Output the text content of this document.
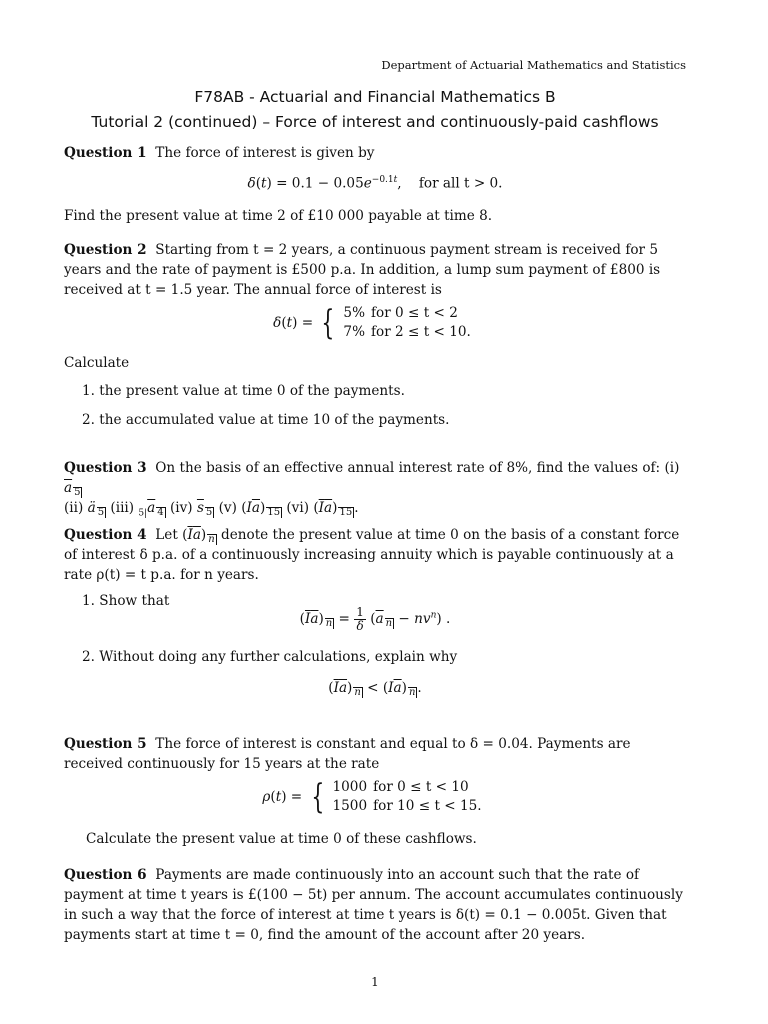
Department of Actuarial Mathematics and Statistics
F78AB - Actuarial and Financial Mathematics B
Tutorial 2 (continued) – Force of interest and continuously-paid cashflows
Question 1 The force of interest is given by
$\delta(t) = 0.1 - 0.05e^{-0.1t}$,    for all t > 0.
Find the present value at time 2 of £10 000 payable at time 8.
Question 2 Starting from t = 2 years, a continuous payment stream is received for 5 years and the rate of payment is £500 p.a. In addition, a lump sum payment of £800 is received at t = 1.5 year. The annual force of interest is
δ(t) = { 5%	for 0 ≤ t < 2
7%	for 2 ≤ t < 10.
Calculate
1. the present value at time 0 of the payments.
2. the accumulated value at time 10 of the payments.
Question 3 On the basis of an effective annual interest rate of 8%, find the values of: (i) $\overline{a}$ 5
(ii) ä 5 (iii) $_{5|}\overline{a}$ 4 (iv) $\overline{s}$ 5 (v) $(I\overline{a})$ 15 (vi) $(\overline{I}\overline{a})$ 15 .
Question 4  Let $(\overline{I}\overline{a})$ n denote the present value at time 0 on the basis of a constant force of interest δ p.a. of a continuously increasing annuity which is payable continuously at a rate ρ(t) = t p.a. for n years.
1. Show that
$(\overline{I}\overline{a}) n = \frac{1}{\delta} (\overline{a}$ $n - nv^n$) .
2. Without doing any further calculations, explain why
$(\overline{I}\overline{a}) n < (I\overline{a})$ n .
Question 5 The force of interest is constant and equal to δ = 0.04. Payments are received continuously for 15 years at the rate
ρ(t) = { 1000	for 0 ≤ t < 10
1500	for 10 ≤ t < 15.
Calculate the present value at time 0 of these cashflows.
Question 6 Payments are made continuously into an account such that the rate of payment at time t years is £(100 − 5t) per annum. The account accumulates continuously in such a way that the force of interest at time t years is δ(t) = 0.1 − 0.005t. Given that payments start at time t = 0, find the amount of the account after 20 years.
1
